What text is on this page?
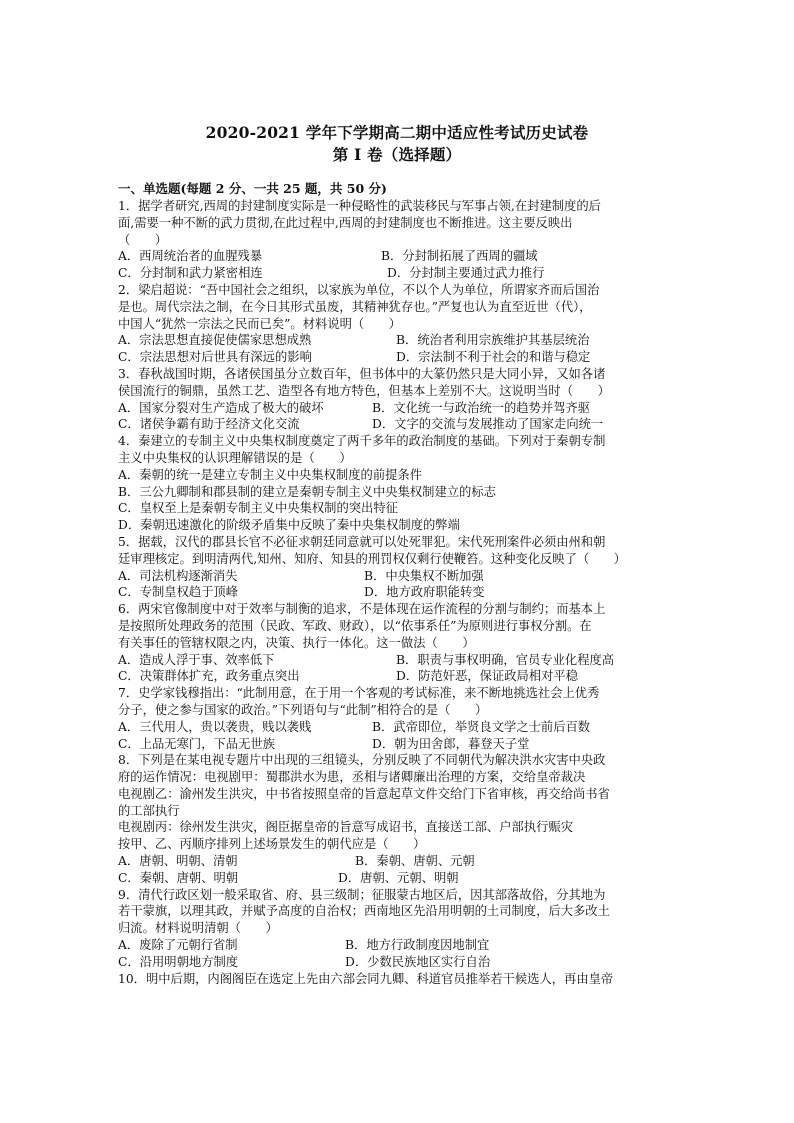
2020-2021 学年下学期高二期中适应性考试历史试卷
第 I 卷（选择题）
一、单选题(每题 2 分、一共 25 题，共 50 分)
1．据学者研究,西周的封建制度实际是一种侵略性的武装移民与军事占领,在封建制度的后
面,需要一种不断的武力贯彻,在此过程中,西周的封建制度也不断推进。这主要反映出
（　　）
A．西周统治者的血腥残暴	B．分封制拓展了西周的疆域
C．分封制和武力紧密相连	D．分封制主要通过武力推行
2．梁启超说：“吾中国社会之组织，以家族为单位，不以个人为单位，所谓家齐而后国治
是也。周代宗法之制，在今日其形式虽废，其精神犹存也。”严复也认为直至近世（代），
中国人“犹然一宗法之民而已矣”。材料说明（　　）
A．宗法思想直接促使儒家思想成熟	B．统治者利用宗族维护其基层统治
C．宗法思想对后世具有深远的影响	D．宗法制不利于社会的和谐与稳定
3．春秋战国时期，各诸侯国虽分立数百年，但书体中的大篆仍然只是大同小异，又如各诸
侯国流行的铜鼎，虽然工艺、造型各有地方特色，但基本上差别不大。这说明当时（　　）
A．国家分裂对生产造成了极大的破坏	B．文化统一与政治统一的趋势并驾齐驱
C．诸侯争霸有助于经济文化交流	D．文字的交流与发展推动了国家走向统一
4．秦建立的专制主义中央集权制度奠定了两千多年的政治制度的基础。下列对于秦朝专制
主义中央集权的认识理解错误的是（　　）
A．秦朝的统一是建立专制主义中央集权制度的前提条件
B．三公九卿制和郡县制的建立是秦朝专制主义中央集权制建立的标志
C．皇权至上是秦朝专制主义中央集权制的突出特征
D．秦朝迅速激化的阶级矛盾集中反映了秦中央集权制度的弊端
5．据载，汉代的郡县长官不必征求朝廷同意就可以处死罪犯。宋代死刑案件必须由州和朝
廷审理核定。到明清两代,知州、知府、知县的刑罚权仅剩行使鞭笞。这种变化反映了（　　）
A．司法机构逐渐消失	B．中央集权不断加强
C．专制皇权趋于顶峰	D．地方政府职能转变
6．两宋官像制度中对于效率与制衡的追求，不是体现在运作流程的分割与制约；而基本上
是按照所处理政务的范围（民政、军政、财政），以“依事系任”为原则进行事权分割。在
有关事任的管辖权限之内，决策、执行一体化。这一做法（　　）
A．造成人浮于事、效率低下	B．职责与事权明确，官员专业化程度高
C．决策群体扩充，政务重点突出	D．防范奸恶，保证政局相对平稳
7．史学家钱穆指出：“此制用意，在于用一个客观的考试标准，来不断地挑选社会上优秀
分子，使之参与国家的政治。”下列语句与“此制”相符合的是（　　）
A．三代用人，贵以袭贵，贱以袭贱	B．武帝即位，举贤良文学之士前后百数
C．上品无寒门，下品无世族	D．朝为田舍郎，暮登天子堂
8．下列是在某电视专题片中出现的三组镜头，分别反映了不同朝代为解决洪水灾害中央政
府的运作情况：电视剧甲：蜀郡洪水为患，丞相与诸卿廉出治理的方案，交给皇帝裁决
电视剧乙：渝州发生洪灾，中书省按照皇帝的旨意起草文件交给门下省审核，再交给尚书省
的工部执行
电视剧丙：徐州发生洪灾，阁臣据皇帝的旨意写成诏书，直接送工部、户部执行赈灾
按甲、乙、丙顺序排列上述场景发生的朝代应是（　　）
A．唐朝、明朝、清朝	B．秦朝、唐朝、元朝
C．秦朝、唐朝、明朝	D．唐朝、元朝、明朝
9．清代行政区划一般采取省、府、县三级制；征服蒙古地区后，因其部落故俗，分其地为
若干蒙旗，以理其政，并赋予高度的自治权；西南地区先沿用明朝的土司制度，后大多改土
归流。材料说明清朝（　　）
A．废除了元朝行省制	B．地方行政制度因地制宜
C．沿用明朝地方制度	D．少数民族地区实行自治
10．明中后期，内阁阁臣在选定上先由六部会同九卿、科道官员推举若干候选人，再由皇帝
